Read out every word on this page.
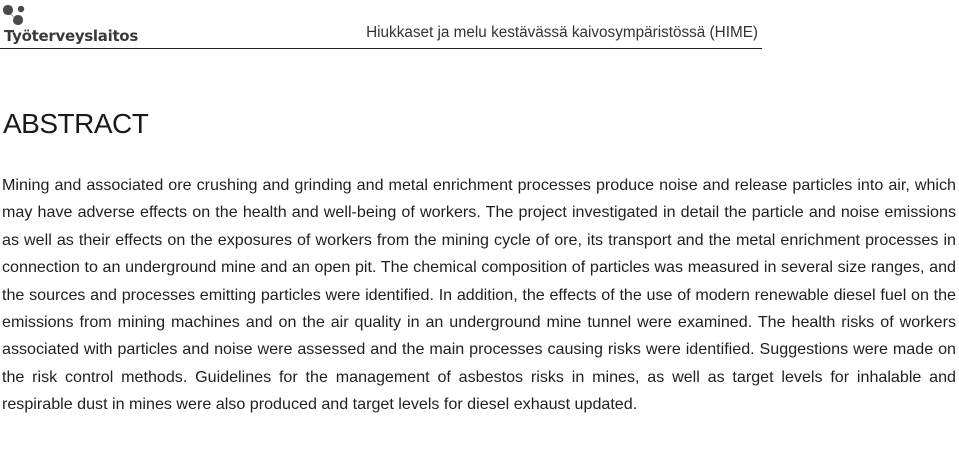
Työterveyslaitos	Hiukkaset ja melu kestävässä kaivosympäristössä (HIME)
ABSTRACT

Mining and associated ore crushing and grinding and metal enrichment processes produce noise and release particles into air, which may have adverse effects on the health and well-being of workers. The project investigated in detail the particle and noise emissions as well as their effects on the exposures of workers from the mining cycle of ore, its transport and the metal enrichment processes in connection to an underground mine and an open pit. The chemical composition of particles was measured in several size ranges, and the sources and processes emitting particles were identified. In addition, the effects of the use of modern renewable diesel fuel on the emissions from mining machines and on the air quality in an underground mine tunnel were examined. The health risks of workers associated with particles and noise were assessed and the main processes causing risks were identified. Suggestions were made on the risk control methods. Guidelines for the management of asbestos risks in mines, as well as target levels for inhalable and respirable dust in mines were also produced and target levels for diesel exhaust updated.
